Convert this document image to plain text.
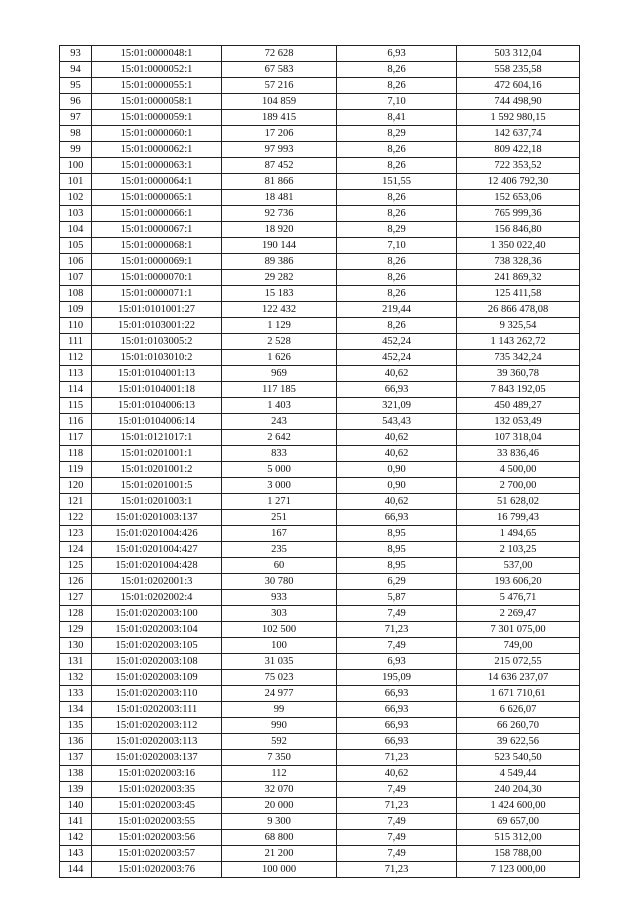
93	15:01:0000048:1	72 628	6,93	503 312,04
94	15:01:0000052:1	67 583	8,26	558 235,58
95	15:01:0000055:1	57 216	8,26	472 604,16
96	15:01:0000058:1	104 859	7,10	744 498,90
97	15:01:0000059:1	189 415	8,41	1 592 980,15
98	15:01:0000060:1	17 206	8,29	142 637,74
99	15:01:0000062:1	97 993	8,26	809 422,18
100	15:01:0000063:1	87 452	8,26	722 353,52
101	15:01:0000064:1	81 866	151,55	12 406 792,30
102	15:01:0000065:1	18 481	8,26	152 653,06
103	15:01:0000066:1	92 736	8,26	765 999,36
104	15:01:0000067:1	18 920	8,29	156 846,80
105	15:01:0000068:1	190 144	7,10	1 350 022,40
106	15:01:0000069:1	89 386	8,26	738 328,36
107	15:01:0000070:1	29 282	8,26	241 869,32
108	15:01:0000071:1	15 183	8,26	125 411,58
109	15:01:0101001:27	122 432	219,44	26 866 478,08
110	15:01:0103001:22	1 129	8,26	9 325,54
111	15:01:0103005:2	2 528	452,24	1 143 262,72
112	15:01:0103010:2	1 626	452,24	735 342,24
113	15:01:0104001:13	969	40,62	39 360,78
114	15:01:0104001:18	117 185	66,93	7 843 192,05
115	15:01:0104006:13	1 403	321,09	450 489,27
116	15:01:0104006:14	243	543,43	132 053,49
117	15:01:0121017:1	2 642	40,62	107 318,04
118	15:01:0201001:1	833	40,62	33 836,46
119	15:01:0201001:2	5 000	0,90	4 500,00
120	15:01:0201001:5	3 000	0,90	2 700,00
121	15:01:0201003:1	1 271	40,62	51 628,02
122	15:01:0201003:137	251	66,93	16 799,43
123	15:01:0201004:426	167	8,95	1 494,65
124	15:01:0201004:427	235	8,95	2 103,25
125	15:01:0201004:428	60	8,95	537,00
126	15:01:0202001:3	30 780	6,29	193 606,20
127	15:01:0202002:4	933	5,87	5 476,71
128	15:01:0202003:100	303	7,49	2 269,47
129	15:01:0202003:104	102 500	71,23	7 301 075,00
130	15:01:0202003:105	100	7,49	749,00
131	15:01:0202003:108	31 035	6,93	215 072,55
132	15:01:0202003:109	75 023	195,09	14 636 237,07
133	15:01:0202003:110	24 977	66,93	1 671 710,61
134	15:01:0202003:111	99	66,93	6 626,07
135	15:01:0202003:112	990	66,93	66 260,70
136	15:01:0202003:113	592	66,93	39 622,56
137	15:01:0202003:137	7 350	71,23	523 540,50
138	15:01:0202003:16	112	40,62	4 549,44
139	15:01:0202003:35	32 070	7,49	240 204,30
140	15:01:0202003:45	20 000	71,23	1 424 600,00
141	15:01:0202003:55	9 300	7,49	69 657,00
142	15:01:0202003:56	68 800	7,49	515 312,00
143	15:01:0202003:57	21 200	7,49	158 788,00
144	15:01:0202003:76	100 000	71,23	7 123 000,00
